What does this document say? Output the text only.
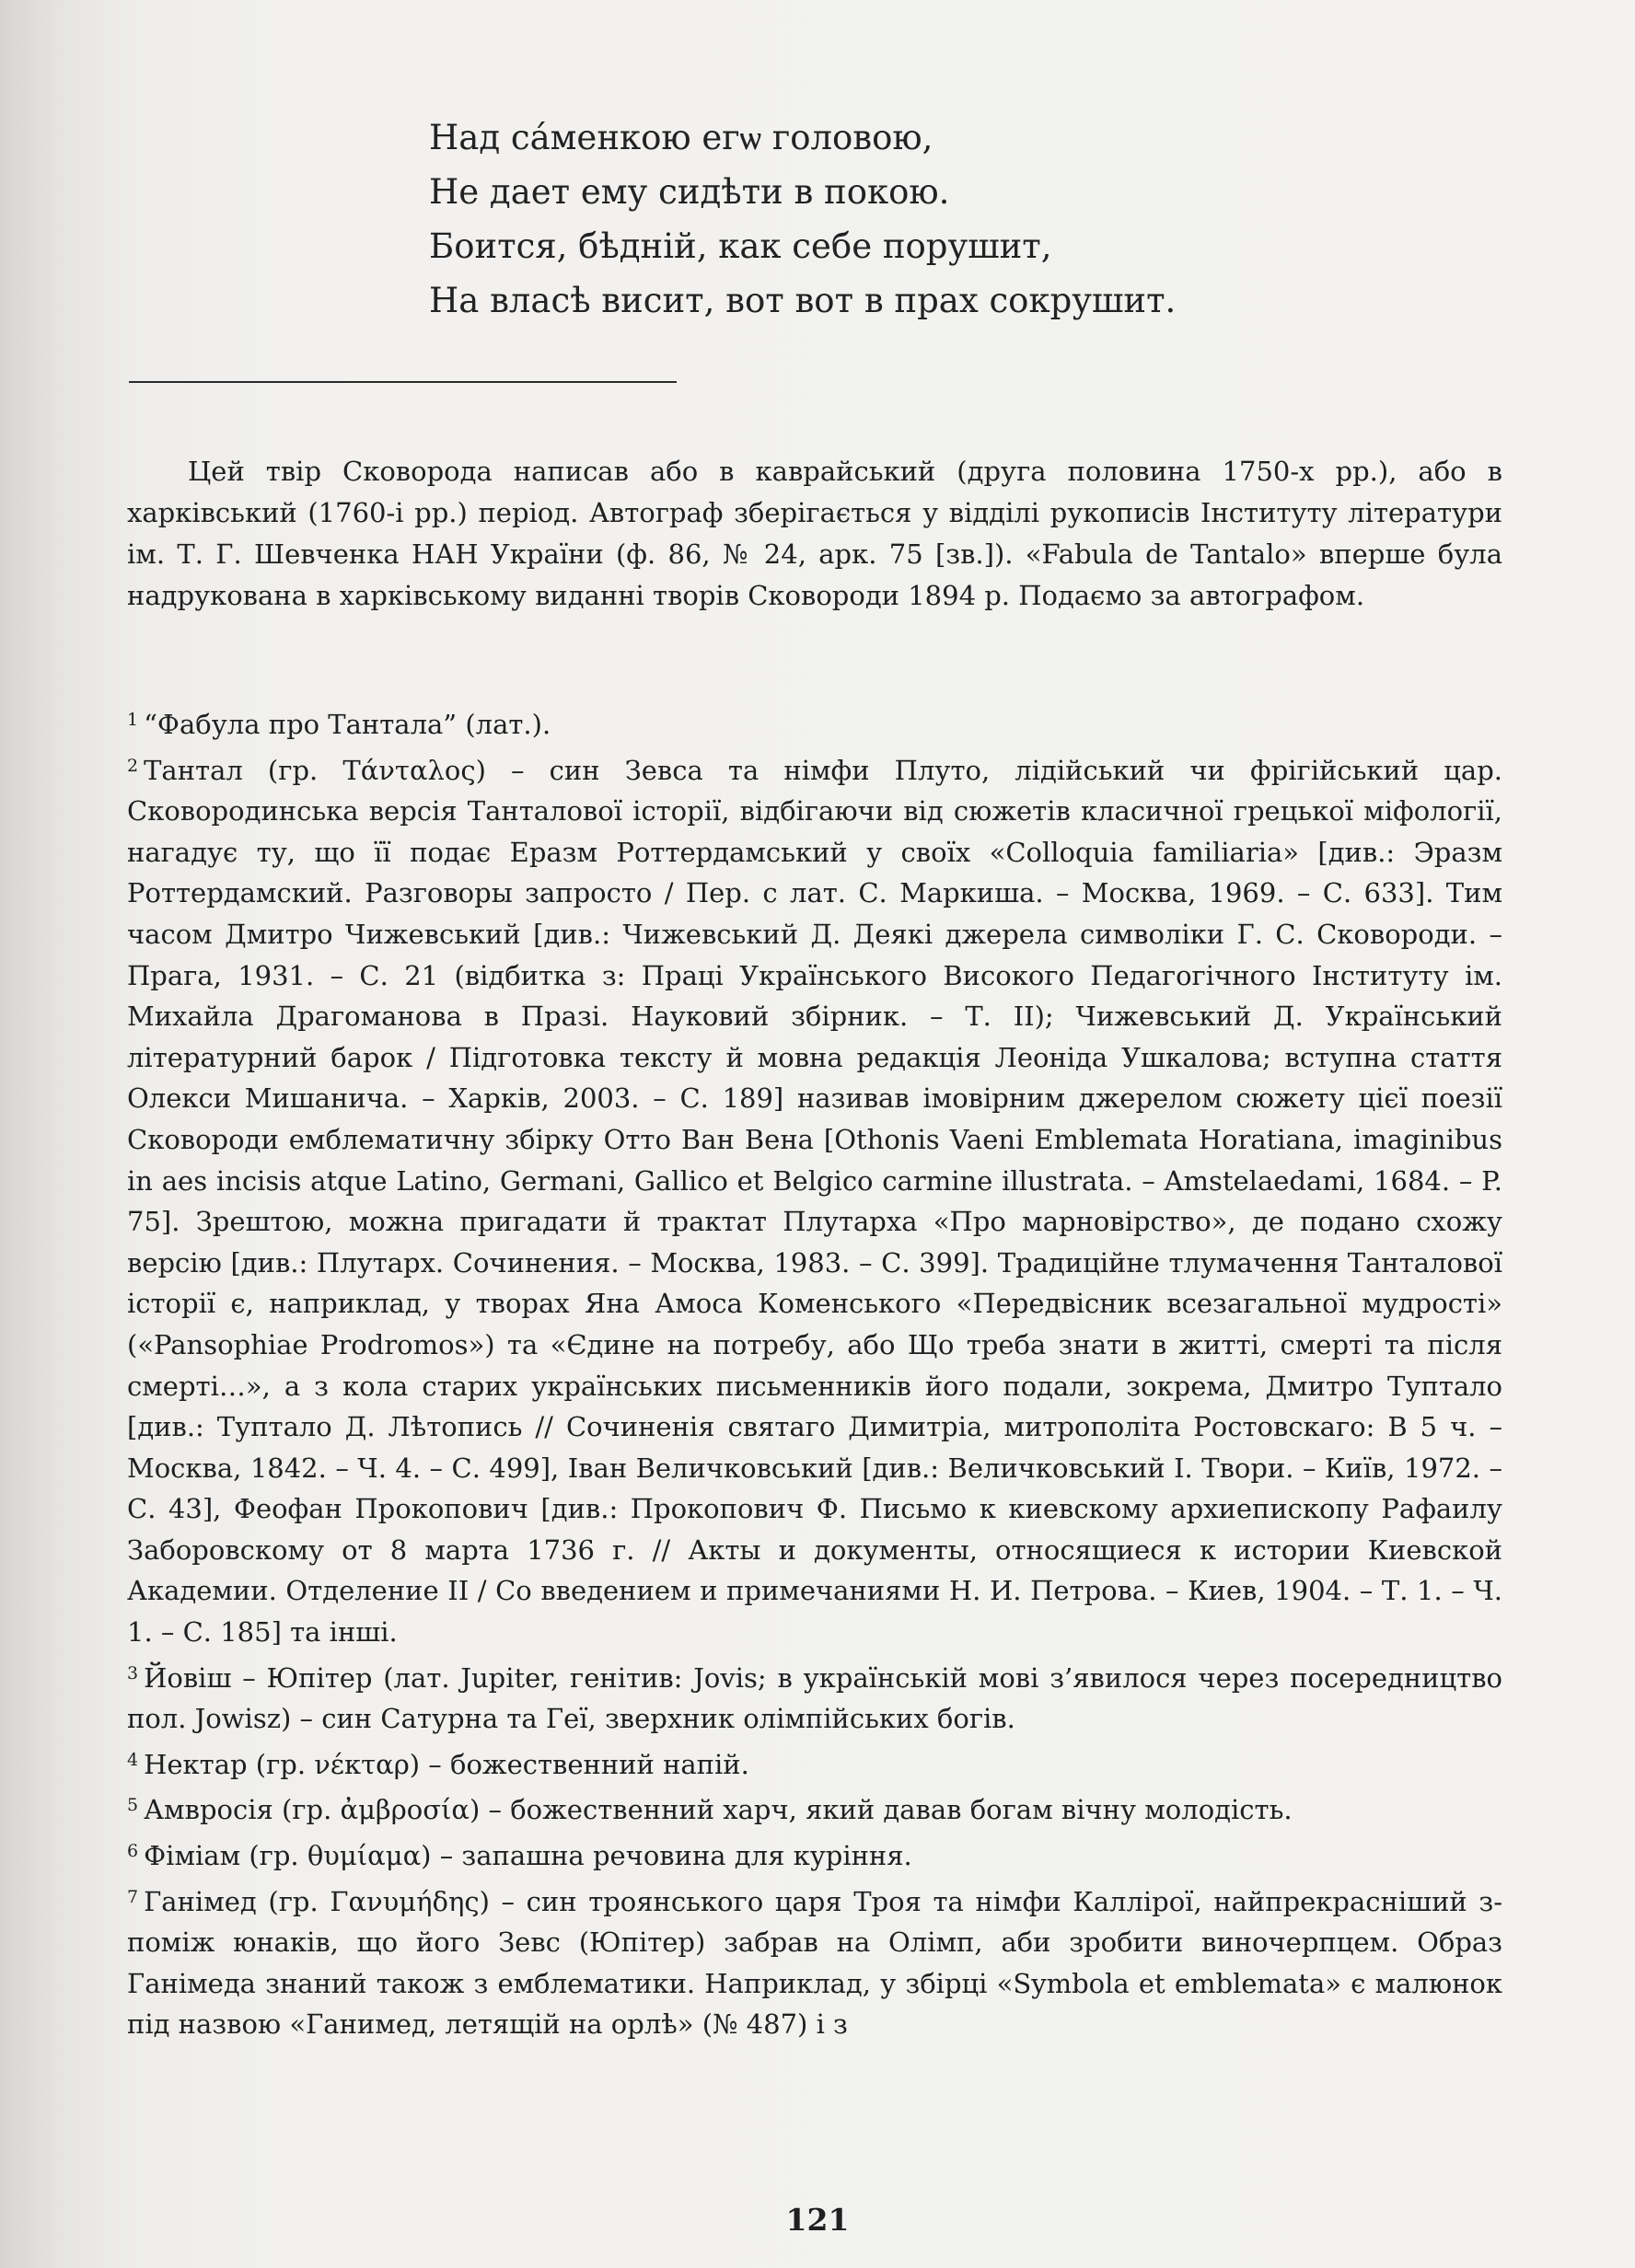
Над са́менкою егѡ головою,
Не дает ему сидѣти в покою.
Боится, бѣдній, как себе порушит,
На власѣ висит, вот вот в прах сокрушит.
Цей твір Сковорода написав або в каврайський (друга половина 1750-х рр.), або в харківський (1760-і рр.) період. Автограф зберігається у відділі рукописів Інституту літератури ім. Т. Г. Шевченка НАН України (ф. 86, № 24, арк. 75 [зв.]). «Fabula de Tantalo» вперше була надрукована в харківському виданні творів Сковороди 1894 р. Подаємо за автографом.

$^1$ “Фабула про Тантала” (лат.).

$^2$ Тантал (гр. Τάνταλος) – син Зевса та німфи Плуто, лідійський чи фрігійський цар. Сковородинська версія Танталової історії, відбігаючи від сюжетів класичної грецької міфології, нагадує ту, що її подає Еразм Роттердамський у своїх «Colloquia familiaria» [див.: Эразм Роттердамский. Разговоры запросто / Пер. с лат. С. Маркиша. – Москва, 1969. – С. 633]. Тим часом Дмитро Чижевський [див.: Чижевський Д. Деякі джерела символіки Г. С. Сковороди. – Прага, 1931. – С. 21 (відбитка з: Праці Українського Високого Педагогічного Інституту ім. Михайла Драгоманова в Празі. Науковий збірник. – Т. II); Чижевський Д. Український літературний барок / Підготовка тексту й мовна редакція Леоніда Ушкалова; вступна стаття Олекси Мишанича. – Харків, 2003. – С. 189] називав імовірним джерелом сюжету цієї поезії Сковороди емблематичну збірку Отто Ван Вена [Othonis Vaeni Emblemata Horatiana, imaginibus in aes incisis atque Latino, Germani, Gallico et Belgico carmine illustrata. – Amstelaedami, 1684. – P. 75]. Зрештою, можна пригадати й трактат Плутарха «Про марновірство», де подано схожу версію [див.: Плутарх. Сочинения. – Москва, 1983. – С. 399]. Традиційне тлумачення Танталової історії є, наприклад, у творах Яна Амоса Коменського «Передвісник всезагальної мудрості» («Pansophiae Prodromos») та «Єдине на потребу, або Що треба знати в житті, смерті та після смерті…», а з кола старих українських письменників його подали, зокрема, Дмитро Туптало [див.: Туптало Д. Лѣтопись // Сочиненія святаго Димитріа, митрополіта Ростовскаго: В 5 ч. – Москва, 1842. – Ч. 4. – С. 499], Іван Величковський [див.: Величковський І. Твори. – Київ, 1972. – С. 43], Феофан Прокопович [див.: Прокопович Ф. Письмо к киевскому архиепископу Рафаилу Заборовскому от 8 марта 1736 г. // Акты и документы, относящиеся к истории Киевской Академии. Отделение II / Со введением и примечаниями Н. И. Петрова. – Киев, 1904. – Т. 1. – Ч. 1. – С. 185] та інші.

$^3$ Йовіш – Юпітер (лат. Jupiter, генітив: Jovis; в українській мові з’явилося через посередництво пол. Jowisz) – син Сатурна та Геї, зверхник олімпійських богів.

$^4$ Нектар (гр. νέκταρ) – божественний напій.

$^5$ Амвросія (гр. ἀμβροσία) – божественний харч, який давав богам вічну молодість.

$^6$ Фіміам (гр. θυμίαμα) – запашна речовина для куріння.

$^7$ Ганімед (гр. Γανυμήδης) – син троянського царя Троя та німфи Каллірої, найпрекрасніший з-поміж юнаків, що його Зевс (Юпітер) забрав на Олімп, аби зробити виночерпцем. Образ Ганімеда знаний також з емблематики. Наприклад, у збірці «Symbola et emblemata» є малюнок під назвою «Ганимед, летящій на орлѣ» (№ 487) і з

121
